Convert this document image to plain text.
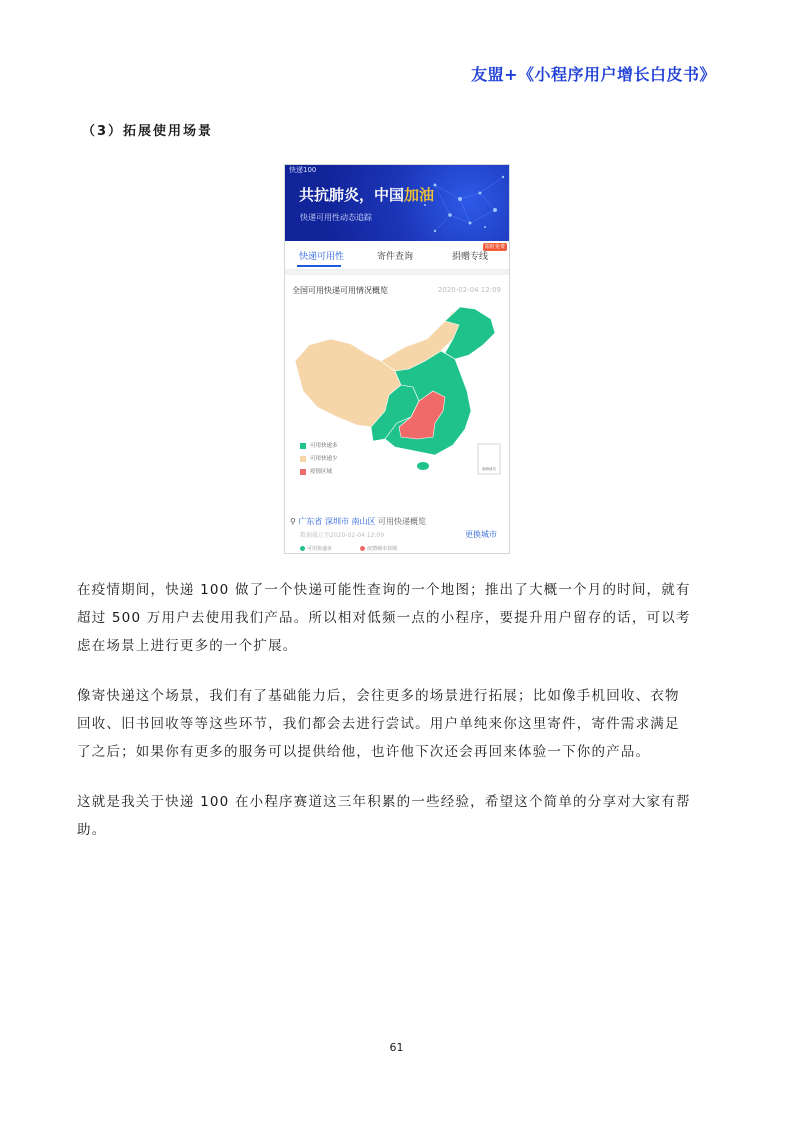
友盟+《小程序用户增长白皮书》
（3）拓展使用场景
快递100
共抗肺炎，中国加油
快递可用性动态追踪
快递可用性	寄件查询	捐赠专线
限时免费
全国可用快递可用情况概览	2020-02-04 12:09
南海诸岛
可用快递多
可用快递少
疫情区域
⚲ 广东省 深圳市 南山区 可用快递概览
数据截止至2020-02-04 12:09	更换城市
可用快递多	疫情城市封锁
在疫情期间，快递 100 做了一个快递可能性查询的一个地图；推出了大概一个月的时间，就有
超过 500 万用户去使用我们产品。所以相对低频一点的小程序，要提升用户留存的话，可以考
虑在场景上进行更多的一个扩展。
像寄快递这个场景，我们有了基础能力后，会往更多的场景进行拓展；比如像手机回收、衣物
回收、旧书回收等等这些环节，我们都会去进行尝试。用户单纯来你这里寄件，寄件需求满足
了之后；如果你有更多的服务可以提供给他，也许他下次还会再回来体验一下你的产品。
这就是我关于快递 100 在小程序赛道这三年积累的一些经验，希望这个简单的分享对大家有帮
助。
61
